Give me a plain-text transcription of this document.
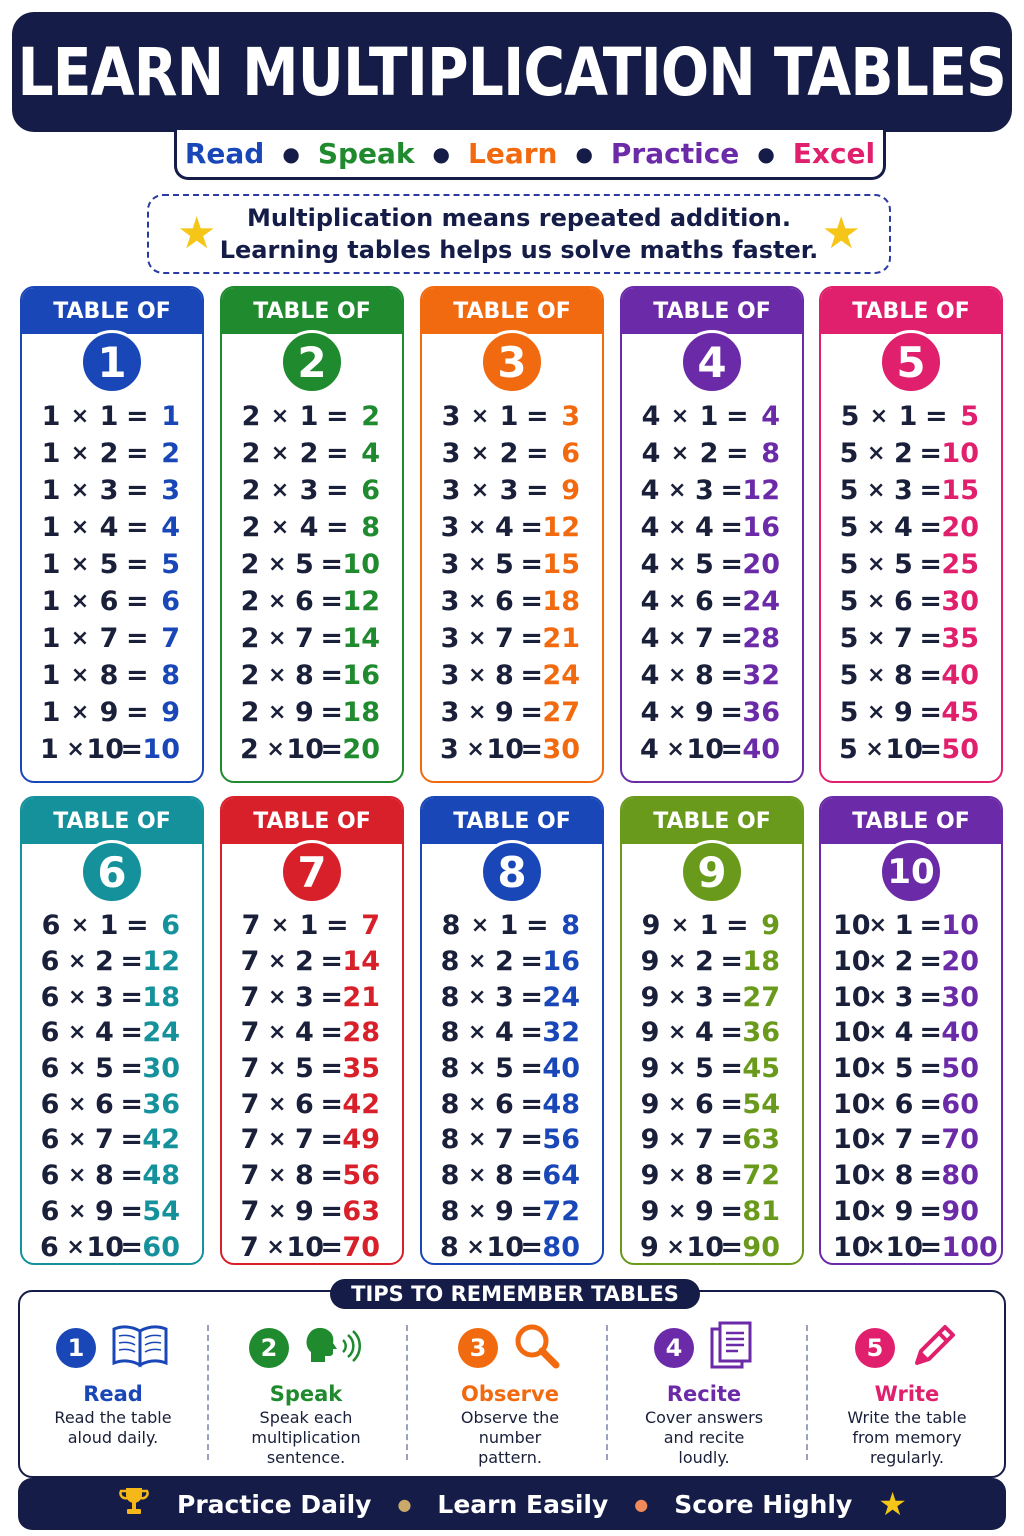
LEARN MULTIPLICATION TABLES
Read ● Speak ● Learn ● Practice ● Excel
★	Multiplication means repeated addition.
Learning tables helps us solve maths faster. ★
TABLE OF
1
1 × 1 = 1
1 × 2 = 2
1 × 3 = 3
1 × 4 = 4
1 × 5 = 5
1 × 6 = 6
1 × 7 = 7
1 × 8 = 8
1 × 9 = 9
1 × 10
= 10
TABLE OF
2
2 × 1 = 2
2 × 2 = 4
2 × 3 = 6
2 × 4 = 8
2 × 5 = 10
2 × 6 = 12
2 × 7 = 14
2 × 8 = 16
2 × 9 = 18
2 × 10
= 20
TABLE OF
3
3 × 1 = 3
3 × 2 = 6
3 × 3 = 9
3 × 4 = 12
3 × 5 = 15
3 × 6 = 18
3 × 7 = 21
3 × 8 = 24
3 × 9 = 27
3 × 10
= 30
TABLE OF
4
4 × 1 = 4
4 × 2 = 8
4 × 3 = 12
4 × 4 = 16
4 × 5 = 20
4 × 6 = 24
4 × 7 = 28
4 × 8 = 32
4 × 9 = 36
4 × 10
= 40
TABLE OF
5
5 × 1 = 5
5 × 2 = 10
5 × 3 = 15
5 × 4 = 20
5 × 5 = 25
5 × 6 = 30
5 × 7 = 35
5 × 8 = 40
5 × 9 = 45
5 × 10
= 50
TABLE OF
6
6 × 1 = 6
6 × 2 = 12
6 × 3 = 18
6 × 4 = 24
6 × 5 = 30
6 × 6 = 36
6 × 7 = 42
6 × 8 = 48
6 × 9 = 54
6 × 10
= 60
TABLE OF
7
7 × 1 = 7
7 × 2 = 14
7 × 3 = 21
7 × 4 = 28
7 × 5 = 35
7 × 6 = 42
7 × 7 = 49
7 × 8 = 56
7 × 9 = 63
7 × 10
= 70
TABLE OF
8
8 × 1 = 8
8 × 2 = 16
8 × 3 = 24
8 × 4 = 32
8 × 5 = 40
8 × 6 = 48
8 × 7 = 56
8 × 8 = 64
8 × 9 = 72
8 × 10
= 80
TABLE OF
9
9 × 1 = 9
9 × 2 = 18
9 × 3 = 27
9 × 4 = 36
9 × 5 = 45
9 × 6 = 54
9 × 7 = 63
9 × 8 = 72
9 × 9 = 81
9 × 10
= 90
TABLE OF
10
10
× 1 = 10
10
× 2 = 20
10
× 3 = 30
10
× 4 = 40
10
× 5 = 50
10
× 6 = 60
10
× 7 = 70
10
× 8 = 80
10
× 9 = 90
10
× 10
= 100
TIPS TO REMEMBER TABLES
1
Read
Read the table
aloud daily.
2
Speak
Speak each
multiplication
sentence.
3
Observe
Observe the
number
pattern.
4
Recite
Cover answers
and recite
loudly.
5
Write
Write the table
from memory
regularly.
Practice Daily ● Learn Easily ● Score Highly ★
